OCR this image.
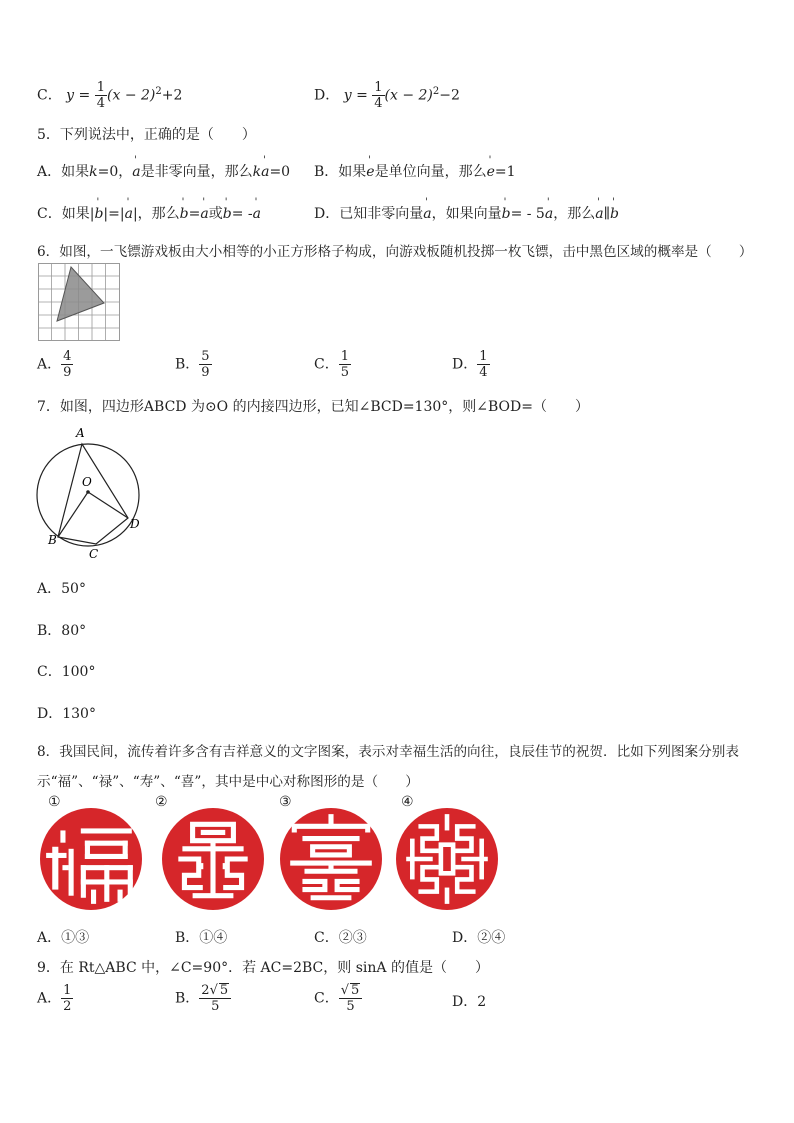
C． $y = \frac{1}{4} (x - 2)^2+2$	D． $y = \frac{1}{4} (x - 2)^2-2$
5．下列说法中，正确的是（　　）
A．如果k=0，' a是非零向量，那么k' a=0 B．如果' e是单位向量，那么' e=1
C．如果|' b|=|' a|，那么' b=' a或' b= -' a	D．已知非零向量' a，如果向量' b= - 5' a，那么' a∥' b
6．如图，一飞镖游戏板由大小相等的小正方形格子构成，向游戏板随机投掷一枚飞镖，击中黑色区域的概率是（　　）
A． $\frac{4}{9}$	B． $\frac{5}{9}$	C． $\frac{1}{5}$	D． $\frac{1}{4}$
7．如图，四边形ABCD 为⊙O 的内接四边形，已知∠BCD=130°，则∠BOD=（　　）
A
O
B
C
D
A．50°
B．80°
C．100°
D．130°
8．我国民间，流传着许多含有吉祥意义的文字图案，表示对幸福生活的向往，良辰佳节的祝贺．比如下列图案分别表
示“福”、“禄”、“寿”、“喜”，其中是中心对称图形的是（　　）
①	②	③	④
A．①③	B．①④	C．②③	D．②④
9．在 Rt△ABC 中，∠C=90°．若 AC=2BC，则 sinA 的值是（　　）
A． $\frac{1}{2}$	B． $\frac{2√ 5}{5}$	C． $\frac{√ 5}{5}$	D．2
